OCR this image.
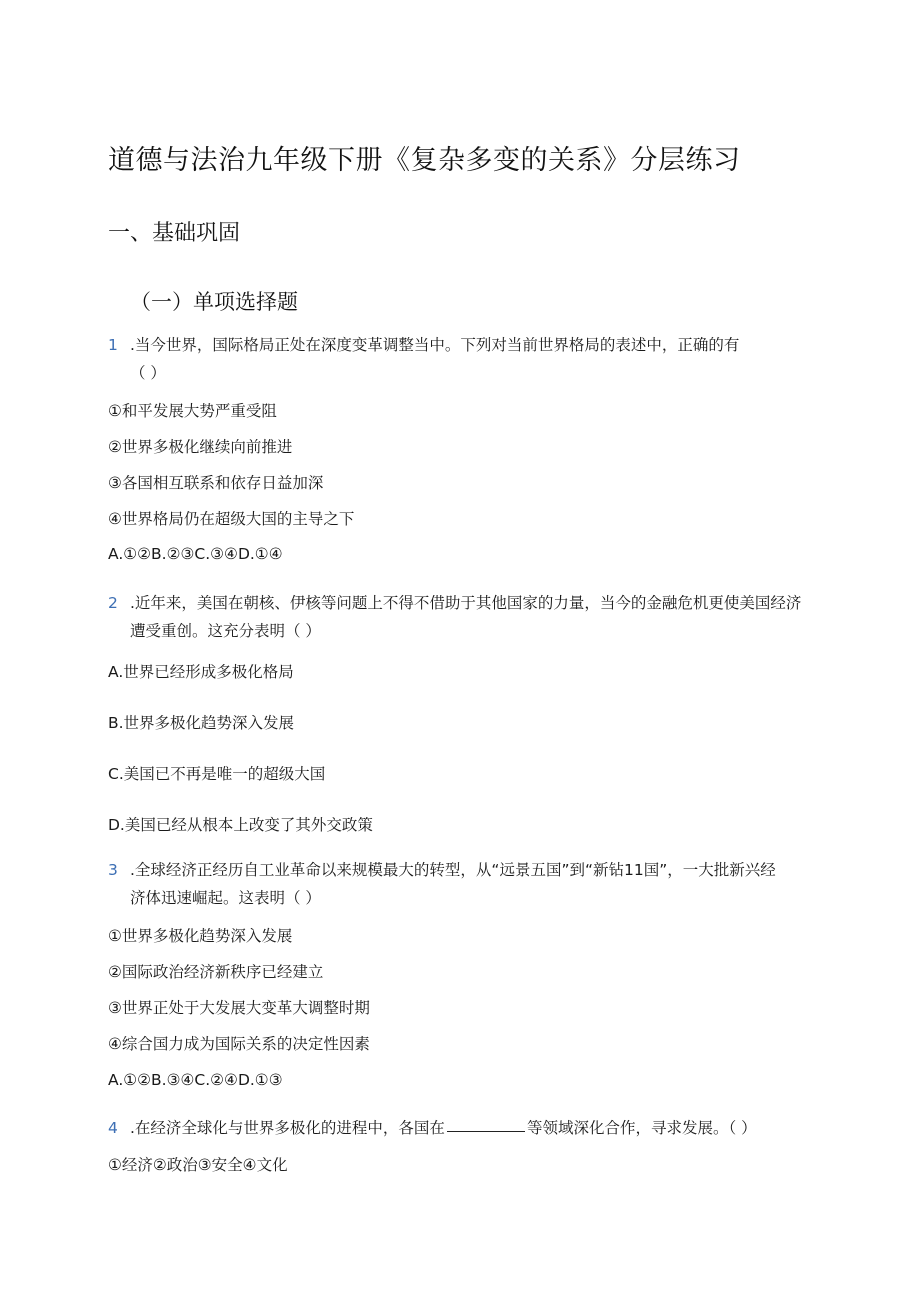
道德与法治九年级下册《复杂多变的关系》分层练习
一、基础巩固
（一）单项选择题
1 .当今世界，国际格局正处在深度变革调整当中。下列对当前世界格局的表述中，正确的有
（ ）
①和平发展大势严重受阻
②世界多极化继续向前推进
③各国相互联系和依存日益加深
④世界格局仍在超级大国的主导之下
A.①②B.②③C.③④D.①④
2 .近年来，美国在朝核、伊核等问题上不得不借助于其他国家的力量，当今的金融危机更使美国经济
遭受重创。这充分表明（ ）
A.世界已经形成多极化格局
B.世界多极化趋势深入发展
C.美国已不再是唯一的超级大国
D.美国已经从根本上改变了其外交政策
3 .全球经济正经历自工业革命以来规模最大的转型，从“远景五国”到“新钻11国”，一大批新兴经
济体迅速崛起。这表明（ ）
①世界多极化趋势深入发展
②国际政治经济新秩序已经建立
③世界正处于大发展大变革大调整时期
④综合国力成为国际关系的决定性因素
A.①②B.③④C.②④D.①③
4 .在经济全球化与世界多极化的进程中，各国在	等领域深化合作，寻求发展。（ ）
①经济②政治③安全④文化
